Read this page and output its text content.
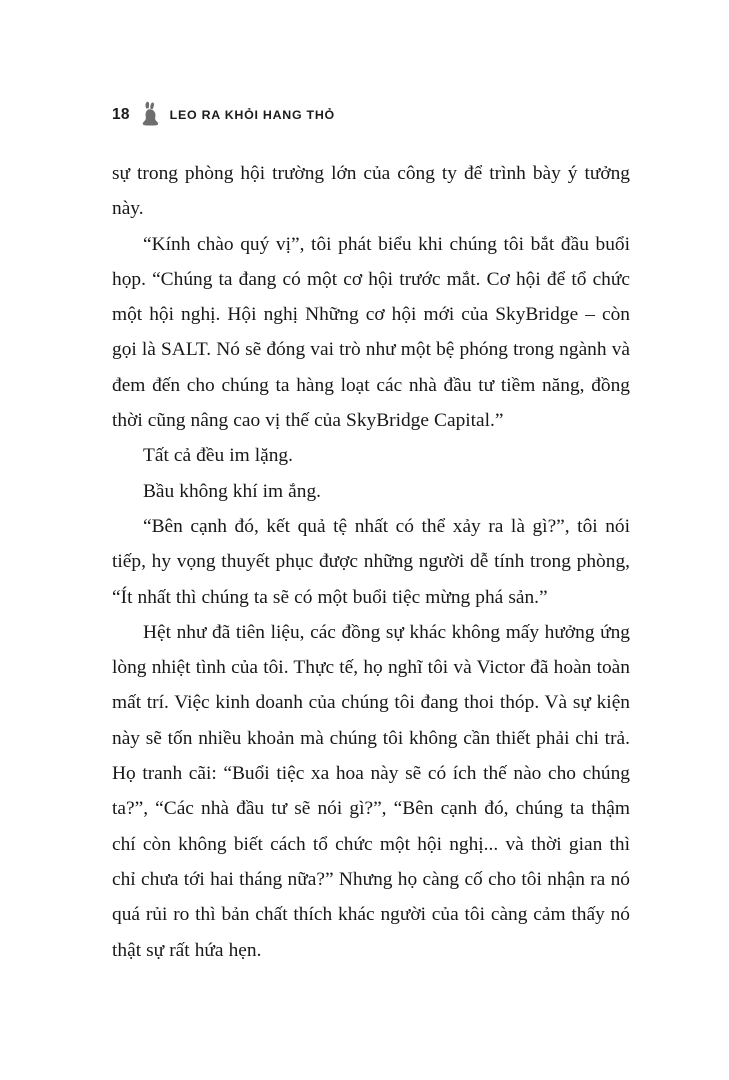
18	LEO RA KHỎI HANG THỎ

sự trong phòng hội trường lớn của công ty để trình bày ý tưởng này.

“Kính chào quý vị”, tôi phát biểu khi chúng tôi bắt đầu buổi họp. “Chúng ta đang có một cơ hội trước mắt. Cơ hội để tổ chức một hội nghị. Hội nghị Những cơ hội mới của SkyBridge – còn gọi là SALT. Nó sẽ đóng vai trò như một bệ phóng trong ngành và đem đến cho chúng ta hàng loạt các nhà đầu tư tiềm năng, đồng thời cũng nâng cao vị thế của SkyBridge Capital.”

Tất cả đều im lặng.

Bầu không khí im ắng.

“Bên cạnh đó, kết quả tệ nhất có thể xảy ra là gì?”, tôi nói tiếp, hy vọng thuyết phục được những người dễ tính trong phòng, “Ít nhất thì chúng ta sẽ có một buổi tiệc mừng phá sản.”

Hệt như đã tiên liệu, các đồng sự khác không mấy hưởng ứng lòng nhiệt tình của tôi. Thực tế, họ nghĩ tôi và Victor đã hoàn toàn mất trí. Việc kinh doanh của chúng tôi đang thoi thóp. Và sự kiện này sẽ tốn nhiều khoản mà chúng tôi không cần thiết phải chi trả. Họ tranh cãi: “Buổi tiệc xa hoa này sẽ có ích thế nào cho chúng ta?”, “Các nhà đầu tư sẽ nói gì?”, “Bên cạnh đó, chúng ta thậm chí còn không biết cách tổ chức một hội nghị... và thời gian thì chỉ chưa tới hai tháng nữa?” Nhưng họ càng cố cho tôi nhận ra nó quá rủi ro thì bản chất thích khác người của tôi càng cảm thấy nó thật sự rất hứa hẹn.
